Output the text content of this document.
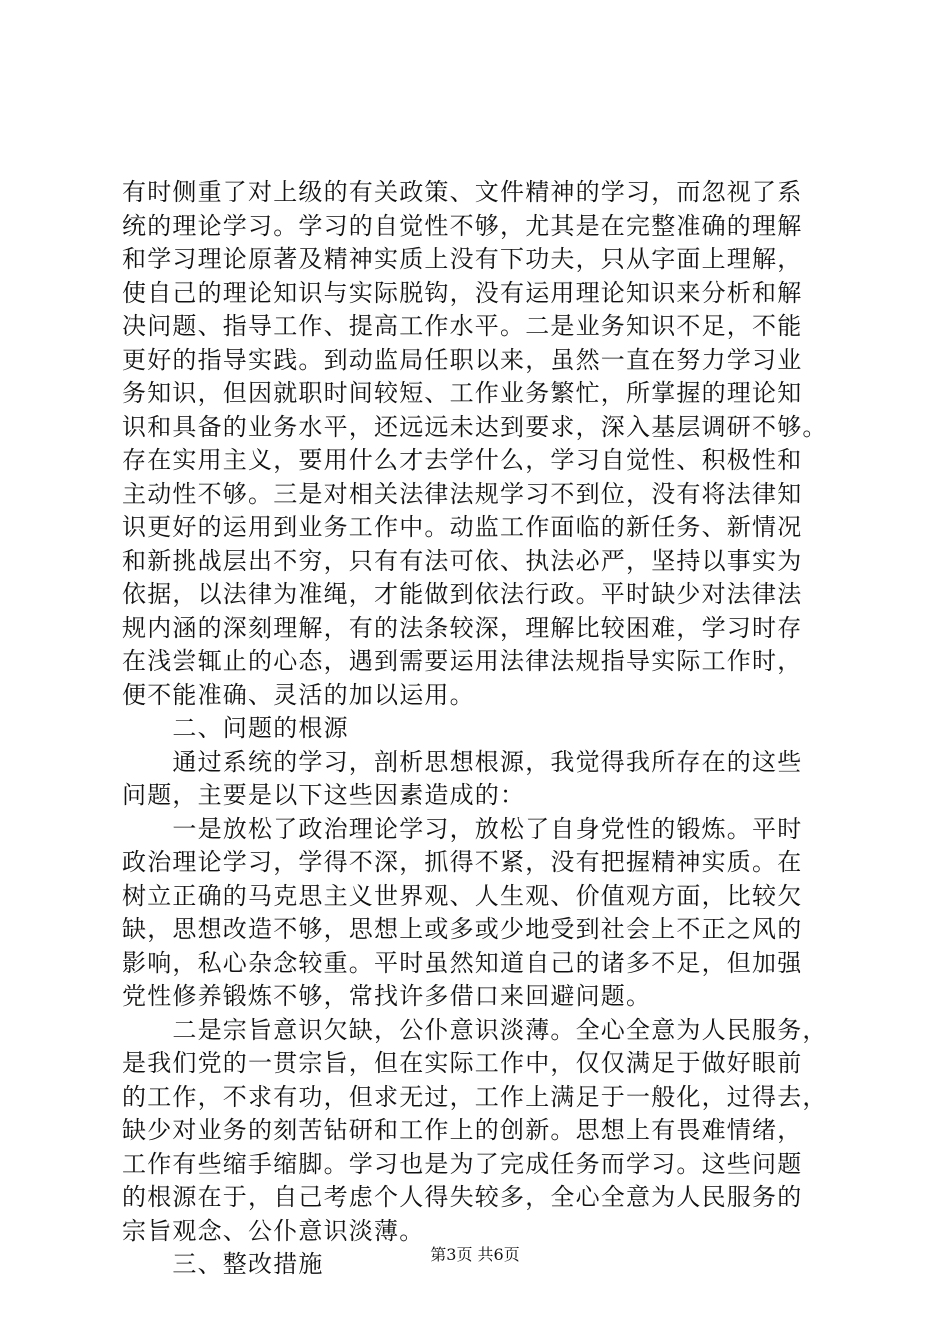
有时侧重了对上级的有关政策、文件精神的学习，而忽视了系
统的理论学习。学习的自觉性不够，尤其是在完整准确的理解
和学习理论原著及精神实质上没有下功夫，只从字面上理解，
使自己的理论知识与实际脱钩，没有运用理论知识来分析和解
决问题、指导工作、提高工作水平。二是业务知识不足，不能
更好的指导实践。到动监局任职以来，虽然一直在努力学习业
务知识，但因就职时间较短、工作业务繁忙，所掌握的理论知
识和具备的业务水平，还远远未达到要求，深入基层调研不够。
存在实用主义，要用什么才去学什么，学习自觉性、积极性和
主动性不够。三是对相关法律法规学习不到位，没有将法律知
识更好的运用到业务工作中。动监工作面临的新任务、新情况
和新挑战层出不穷，只有有法可依、执法必严，坚持以事实为
依据，以法律为准绳，才能做到依法行政。平时缺少对法律法
规内涵的深刻理解，有的法条较深，理解比较困难，学习时存
在浅尝辄止的心态，遇到需要运用法律法规指导实际工作时，
便不能准确、灵活的加以运用。
　　二、问题的根源
　　通过系统的学习，剖析思想根源，我觉得我所存在的这些
问题，主要是以下这些因素造成的：
　　一是放松了政治理论学习，放松了自身党性的锻炼。平时
政治理论学习，学得不深，抓得不紧，没有把握精神实质。在
树立正确的马克思主义世界观、人生观、价值观方面，比较欠
缺，思想改造不够，思想上或多或少地受到社会上不正之风的
影响，私心杂念较重。平时虽然知道自己的诸多不足，但加强
党性修养锻炼不够，常找许多借口来回避问题。
　　二是宗旨意识欠缺，公仆意识淡薄。全心全意为人民服务，
是我们党的一贯宗旨，但在实际工作中，仅仅满足于做好眼前
的工作，不求有功，但求无过，工作上满足于一般化，过得去，
缺少对业务的刻苦钻研和工作上的创新。思想上有畏难情绪，
工作有些缩手缩脚。学习也是为了完成任务而学习。这些问题
的根源在于，自己考虑个人得失较多，全心全意为人民服务的
宗旨观念、公仆意识淡薄。
　　三、整改措施	第3页 共6页
